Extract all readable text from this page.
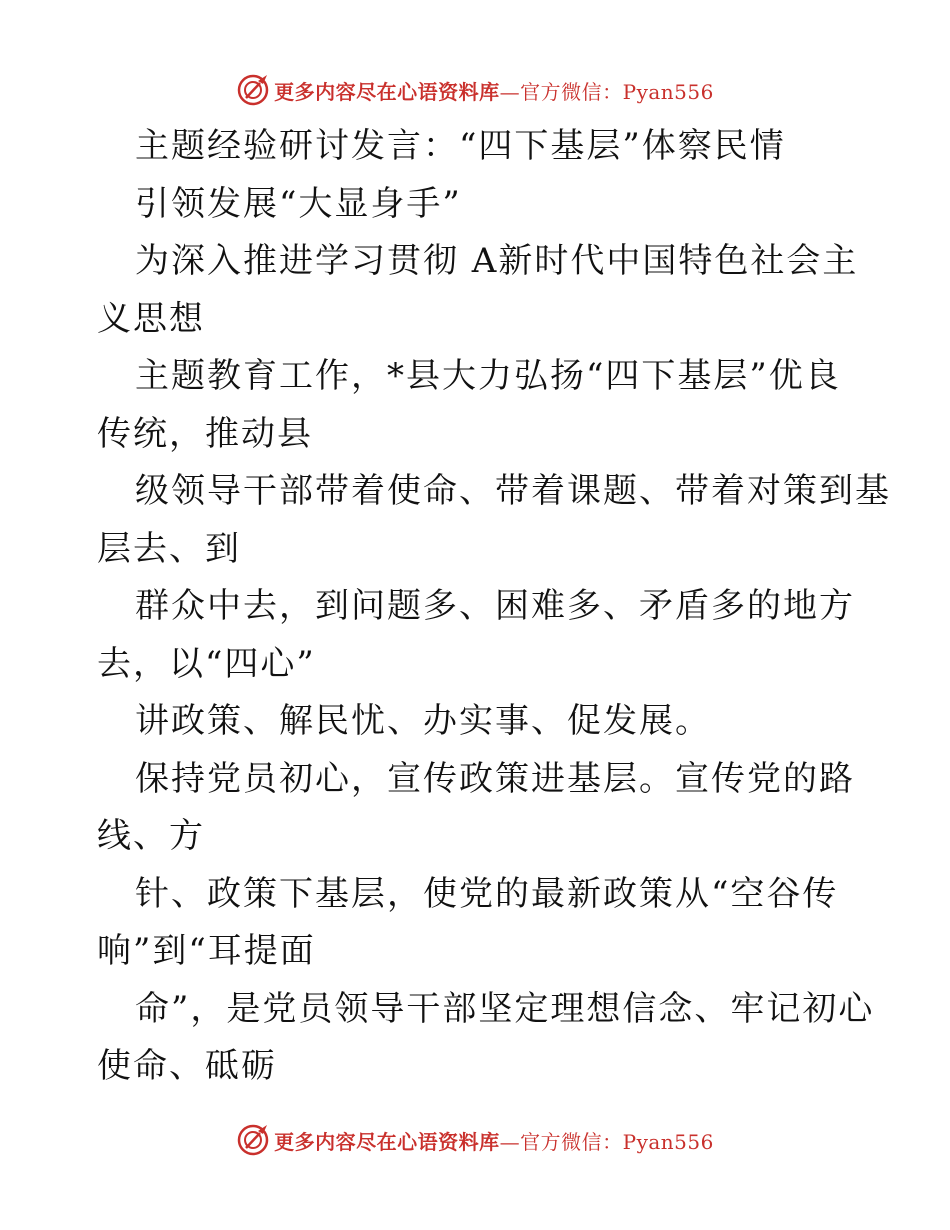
更多内容尽在心语资料库—官方微信：Pyan556
主题经验研讨发言：“四下基层”体察民情
引领发展“大显身手”
为深入推进学习贯彻 A新时代中国特色社会主
义思想
主题教育工作，*县大力弘扬“四下基层”优良
传统，推动县
级领导干部带着使命、带着课题、带着对策到基
层去、到
群众中去，到问题多、困难多、矛盾多的地方
去，以“四心”
讲政策、解民忧、办实事、促发展。
保持党员初心，宣传政策进基层。宣传党的路
线、方
针、政策下基层，使党的最新政策从“空谷传
响”到“耳提面
命”，是党员领导干部坚定理想信念、牢记初心
使命、砥砺
更多内容尽在心语资料库—官方微信：Pyan556
